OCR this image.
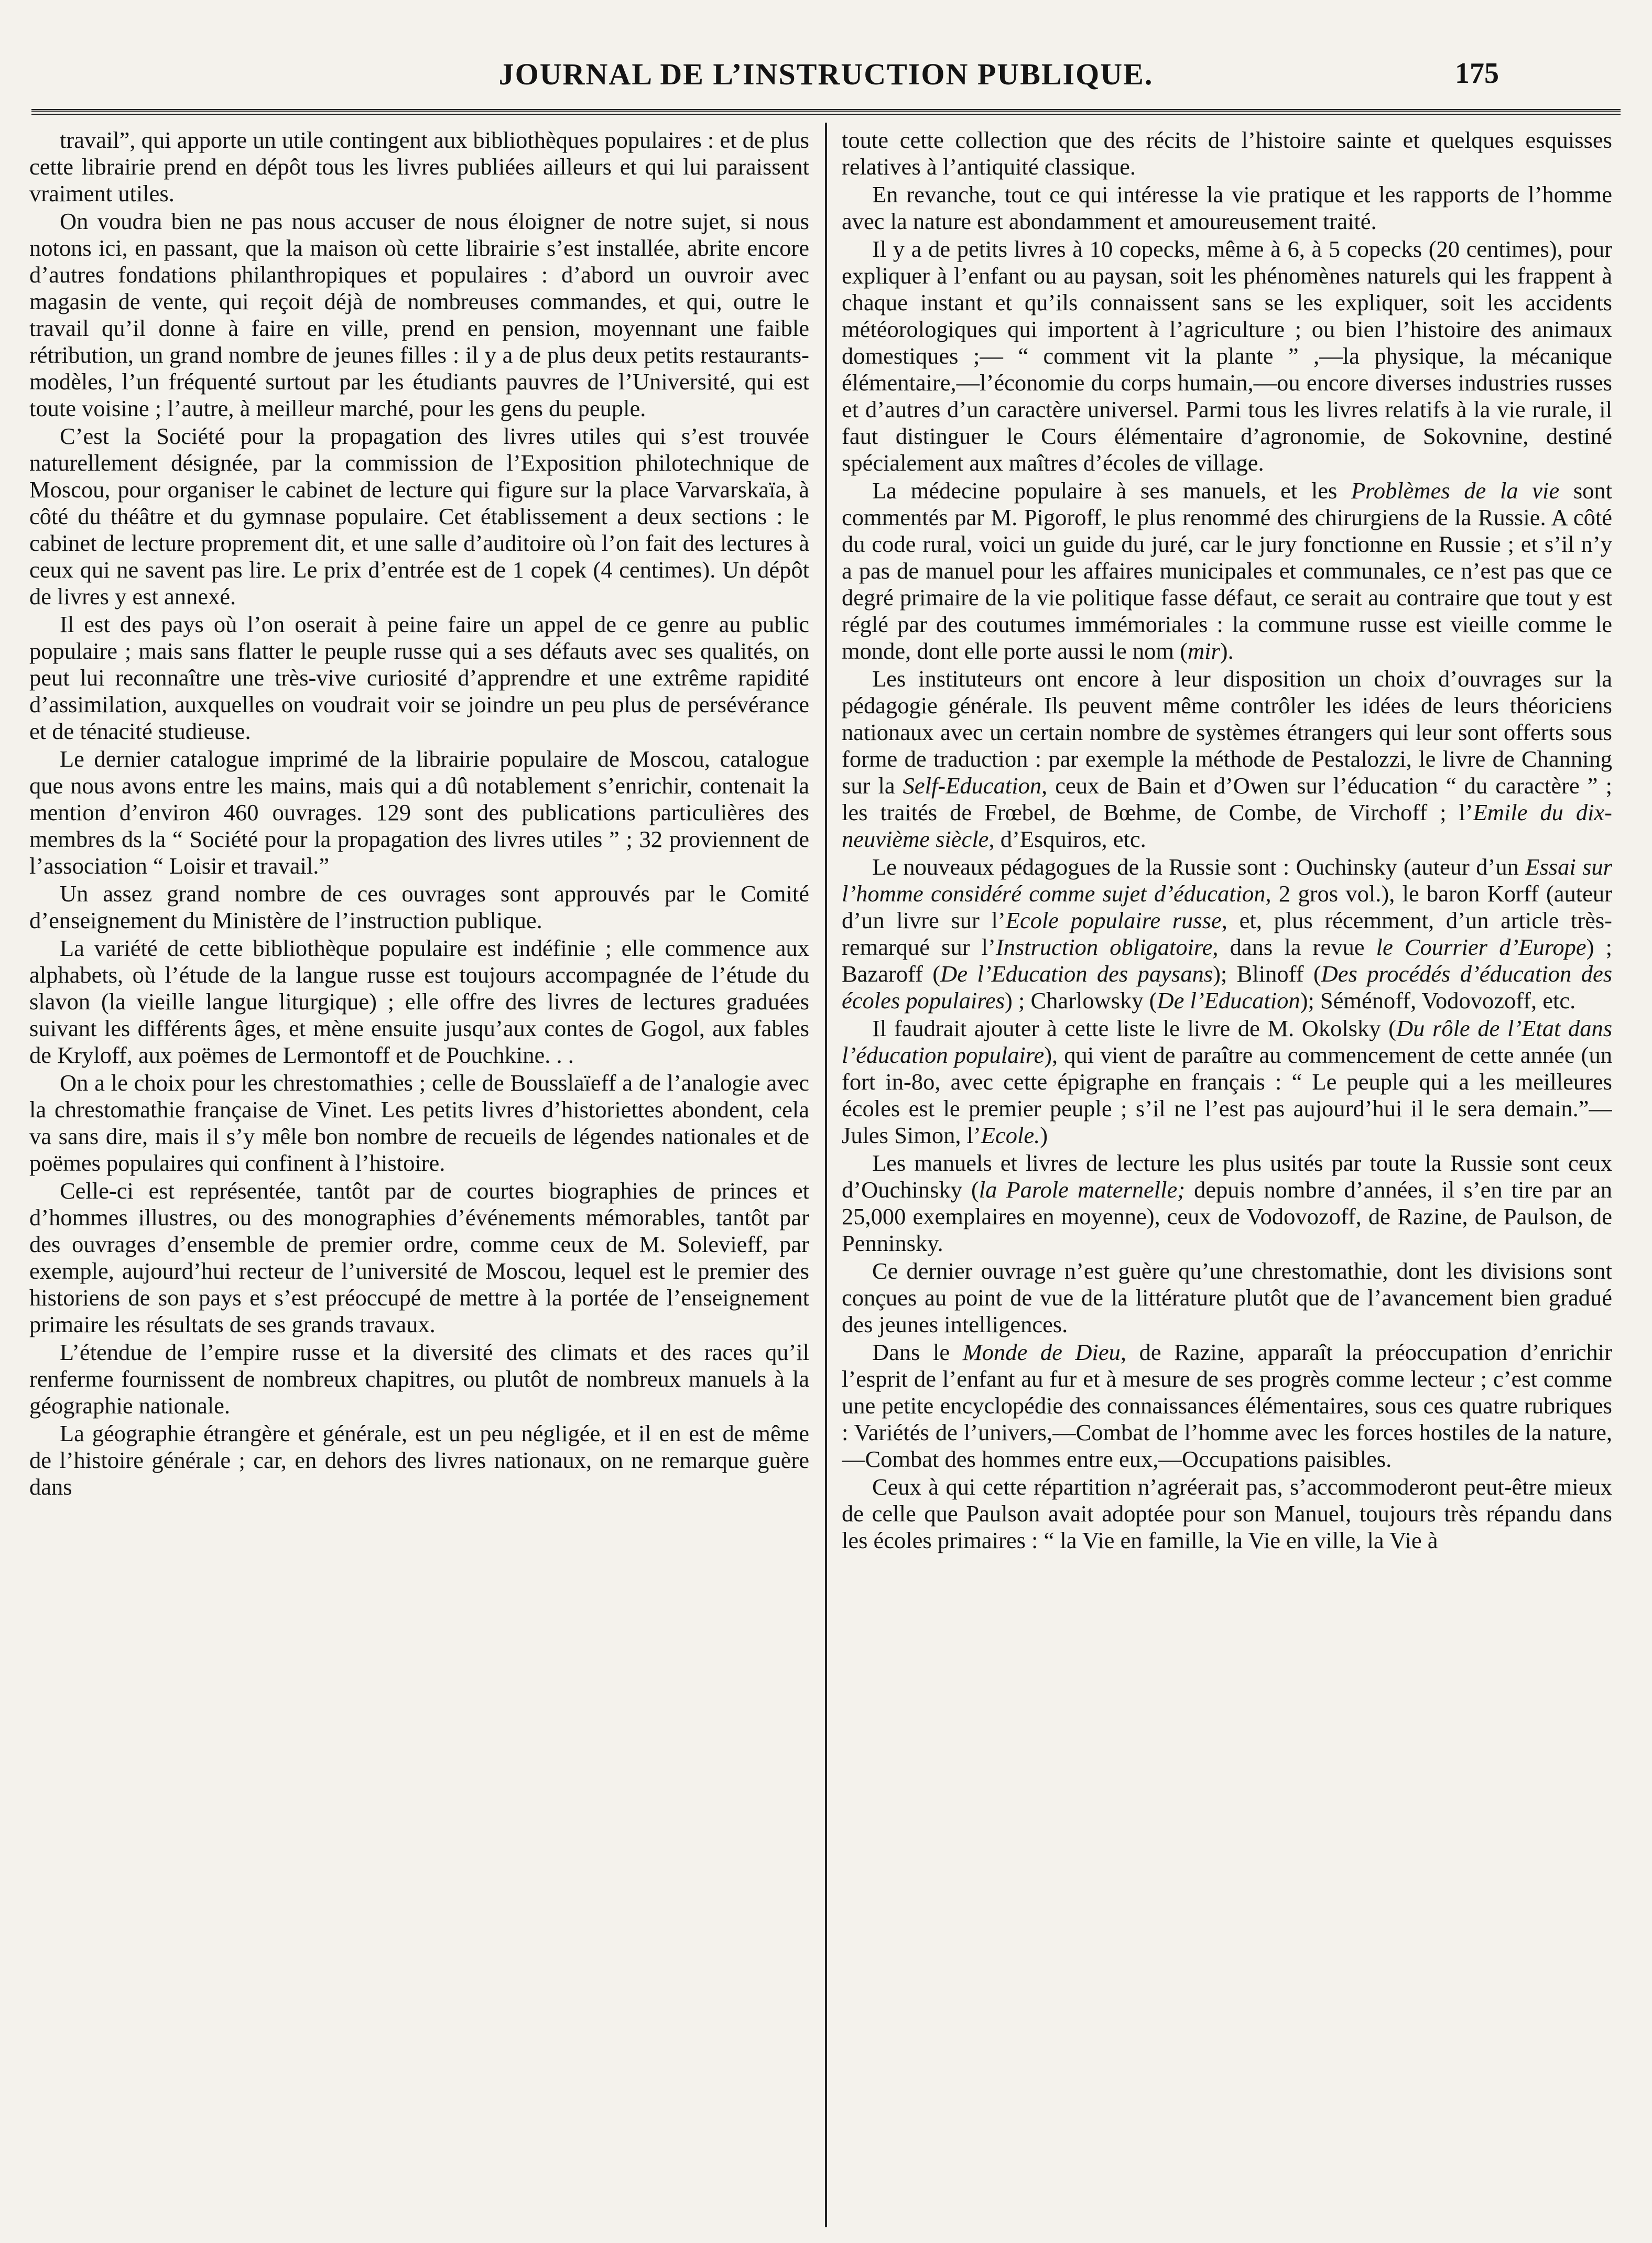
JOURNAL DE L’INSTRUCTION PUBLIQUE.	175

travail”, qui apporte un utile contingent aux bibliothèques populaires : et de plus cette librairie prend en dépôt tous les livres publiées ailleurs et qui lui paraissent vraiment utiles.

On voudra bien ne pas nous accuser de nous éloigner de notre sujet, si nous notons ici, en passant, que la maison où cette librairie s’est installée, abrite encore d’autres fondations philanthropiques et populaires : d’abord un ouvroir avec magasin de vente, qui reçoit déjà de nombreuses commandes, et qui, outre le travail qu’il donne à faire en ville, prend en pension, moyennant une faible rétribution, un grand nombre de jeunes filles : il y a de plus deux petits restaurants-modèles, l’un fréquenté surtout par les étudiants pauvres de l’Université, qui est toute voisine ; l’autre, à meilleur marché, pour les gens du peuple.

C’est la Société pour la propagation des livres utiles qui s’est trouvée naturellement désignée, par la commission de l’Exposition philotechnique de Moscou, pour organiser le cabinet de lecture qui figure sur la place Varvarskaïa, à côté du théâtre et du gymnase populaire. Cet établissement a deux sections : le cabinet de lecture proprement dit, et une salle d’auditoire où l’on fait des lectures à ceux qui ne savent pas lire. Le prix d’entrée est de 1 copek (4 centimes). Un dépôt de livres y est annexé.

Il est des pays où l’on oserait à peine faire un appel de ce genre au public populaire ; mais sans flatter le peuple russe qui a ses défauts avec ses qualités, on peut lui reconnaître une très-vive curiosité d’apprendre et une extrême rapidité d’assimilation, auxquelles on voudrait voir se joindre un peu plus de persévérance et de ténacité studieuse.

Le dernier catalogue imprimé de la librairie populaire de Moscou, catalogue que nous avons entre les mains, mais qui a dû notablement s’enrichir, contenait la mention d’environ 460 ouvrages. 129 sont des publications particulières des membres ds la “ Société pour la propagation des livres utiles ” ; 32 proviennent de l’association “ Loisir et travail.”

Un assez grand nombre de ces ouvrages sont approuvés par le Comité d’enseignement du Ministère de l’instruction publique.

La variété de cette bibliothèque populaire est indéfinie ; elle commence aux alphabets, où l’étude de la langue russe est toujours accompagnée de l’étude du slavon (la vieille langue liturgique) ; elle offre des livres de lectures graduées suivant les différents âges, et mène ensuite jusqu’aux contes de Gogol, aux fables de Kryloff, aux poëmes de Lermontoff et de Pouchkine. . .

On a le choix pour les chrestomathies ; celle de Bousslaïeff a de l’analogie avec la chrestomathie française de Vinet. Les petits livres d’historiettes abondent, cela va sans dire, mais il s’y mêle bon nombre de recueils de légendes nationales et de poëmes populaires qui confinent à l’histoire.

Celle-ci est représentée, tantôt par de courtes biographies de princes et d’hommes illustres, ou des monographies d’événements mémorables, tantôt par des ouvrages d’ensemble de premier ordre, comme ceux de M. Solevieff, par exemple, aujourd’hui recteur de l’université de Moscou, lequel est le premier des historiens de son pays et s’est préoccupé de mettre à la portée de l’enseignement primaire les résultats de ses grands travaux.

L’étendue de l’empire russe et la diversité des climats et des races qu’il renferme fournissent de nombreux chapitres, ou plutôt de nombreux manuels à la géographie nationale.

La géographie étrangère et générale, est un peu négligée, et il en est de même de l’histoire générale ; car, en dehors des livres nationaux, on ne remarque guère dans

toute cette collection que des récits de l’histoire sainte et quelques esquisses relatives à l’antiquité classique.

En revanche, tout ce qui intéresse la vie pratique et les rapports de l’homme avec la nature est abondamment et amoureusement traité.

Il y a de petits livres à 10 copecks, même à 6, à 5 copecks (20 centimes), pour expliquer à l’enfant ou au paysan, soit les phénomènes naturels qui les frappent à chaque instant et qu’ils connaissent sans se les expliquer, soit les accidents météorologiques qui importent à l’agriculture ; ou bien l’histoire des animaux domestiques ;— “ comment vit la plante ” ,—la physique, la mécanique élémentaire,—l’économie du corps humain,—ou encore diverses industries russes et d’autres d’un caractère universel. Parmi tous les livres relatifs à la vie rurale, il faut distinguer le Cours élémentaire d’agronomie, de Sokovnine, destiné spécialement aux maîtres d’écoles de village.

La médecine populaire à ses manuels, et les Problèmes de la vie sont commentés par M. Pigoroff, le plus renommé des chirurgiens de la Russie. A côté du code rural, voici un guide du juré, car le jury fonctionne en Russie ; et s’il n’y a pas de manuel pour les affaires municipales et communales, ce n’est pas que ce degré primaire de la vie politique fasse défaut, ce serait au contraire que tout y est réglé par des coutumes immémoriales : la commune russe est vieille comme le monde, dont elle porte aussi le nom (mir).

Les instituteurs ont encore à leur disposition un choix d’ouvrages sur la pédagogie générale. Ils peuvent même contrôler les idées de leurs théoriciens nationaux avec un certain nombre de systèmes étrangers qui leur sont offerts sous forme de traduction : par exemple la méthode de Pestalozzi, le livre de Channing sur la Self-Education, ceux de Bain et d’Owen sur l’éducation “ du caractère ” ; les traités de Frœbel, de Bœhme, de Combe, de Virchoff ; l’Emile du dix-neuvième siècle, d’Esquiros, etc.

Le nouveaux pédagogues de la Russie sont : Ouchinsky (auteur d’un Essai sur l’homme considéré comme sujet d’éducation, 2 gros vol.), le baron Korff (auteur d’un livre sur l’Ecole populaire russe, et, plus récemment, d’un article très-remarqué sur l’Instruction obligatoire, dans la revue le Courrier d’Europe) ; Bazaroff (De l’Education des paysans); Blinoff (Des procédés d’éducation des écoles populaires) ; Charlowsky (De l’Education); Séménoff, Vodovozoff, etc.

Il faudrait ajouter à cette liste le livre de M. Okolsky (Du rôle de l’Etat dans l’éducation populaire), qui vient de paraître au commencement de cette année (un fort in-8o, avec cette épigraphe en français : “ Le peuple qui a les meilleures écoles est le premier peuple ; s’il ne l’est pas aujourd’hui il le sera demain.”—Jules Simon, l’Ecole.)

Les manuels et livres de lecture les plus usités par toute la Russie sont ceux d’Ouchinsky (la Parole maternelle; depuis nombre d’années, il s’en tire par an 25,000 exemplaires en moyenne), ceux de Vodovozoff, de Razine, de Paulson, de Penninsky.

Ce dernier ouvrage n’est guère qu’une chrestomathie, dont les divisions sont conçues au point de vue de la littérature plutôt que de l’avancement bien gradué des jeunes intelligences.

Dans le Monde de Dieu, de Razine, apparaît la préoccupation d’enrichir l’esprit de l’enfant au fur et à mesure de ses progrès comme lecteur ; c’est comme une petite encyclopédie des connaissances élémentaires, sous ces quatre rubriques : Variétés de l’univers,—Combat de l’homme avec les forces hostiles de la nature,—Combat des hommes entre eux,—Occupations paisibles.

Ceux à qui cette répartition n’agréerait pas, s’accommoderont peut-être mieux de celle que Paulson avait adoptée pour son Manuel, toujours très répandu dans les écoles primaires : “ la Vie en famille, la Vie en ville, la Vie à
